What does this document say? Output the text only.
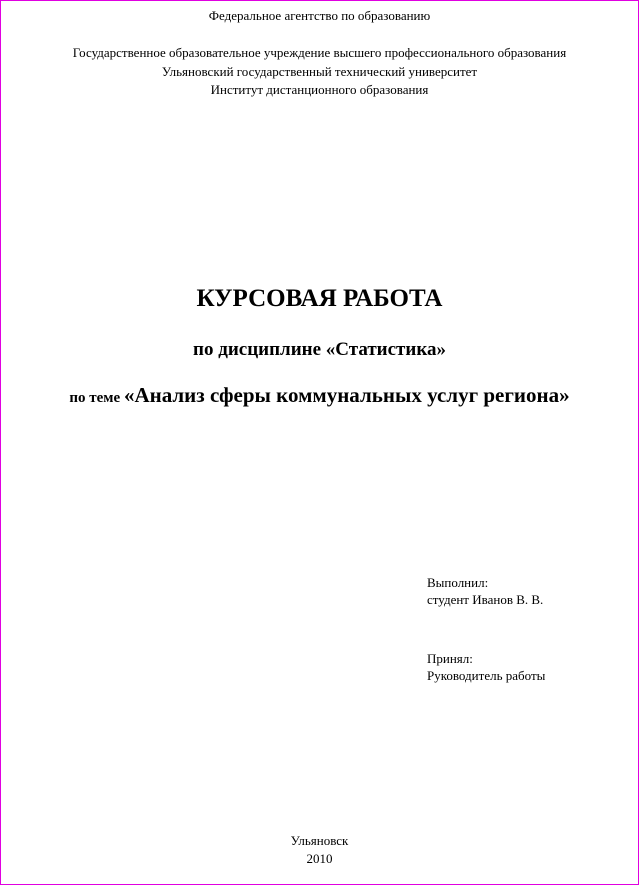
Федеральное агентство по образованию
Государственное образовательное учреждение высшего профессионального образования
Ульяновский государственный технический университет
Институт дистанционного образования
КУРСОВАЯ РАБОТА
по дисциплине «Статистика»
по теме «Анализ сферы коммунальных услуг региона»
Выполнил:
студент Иванов В. В.
Принял:
Руководитель работы
Ульяновск
2010
